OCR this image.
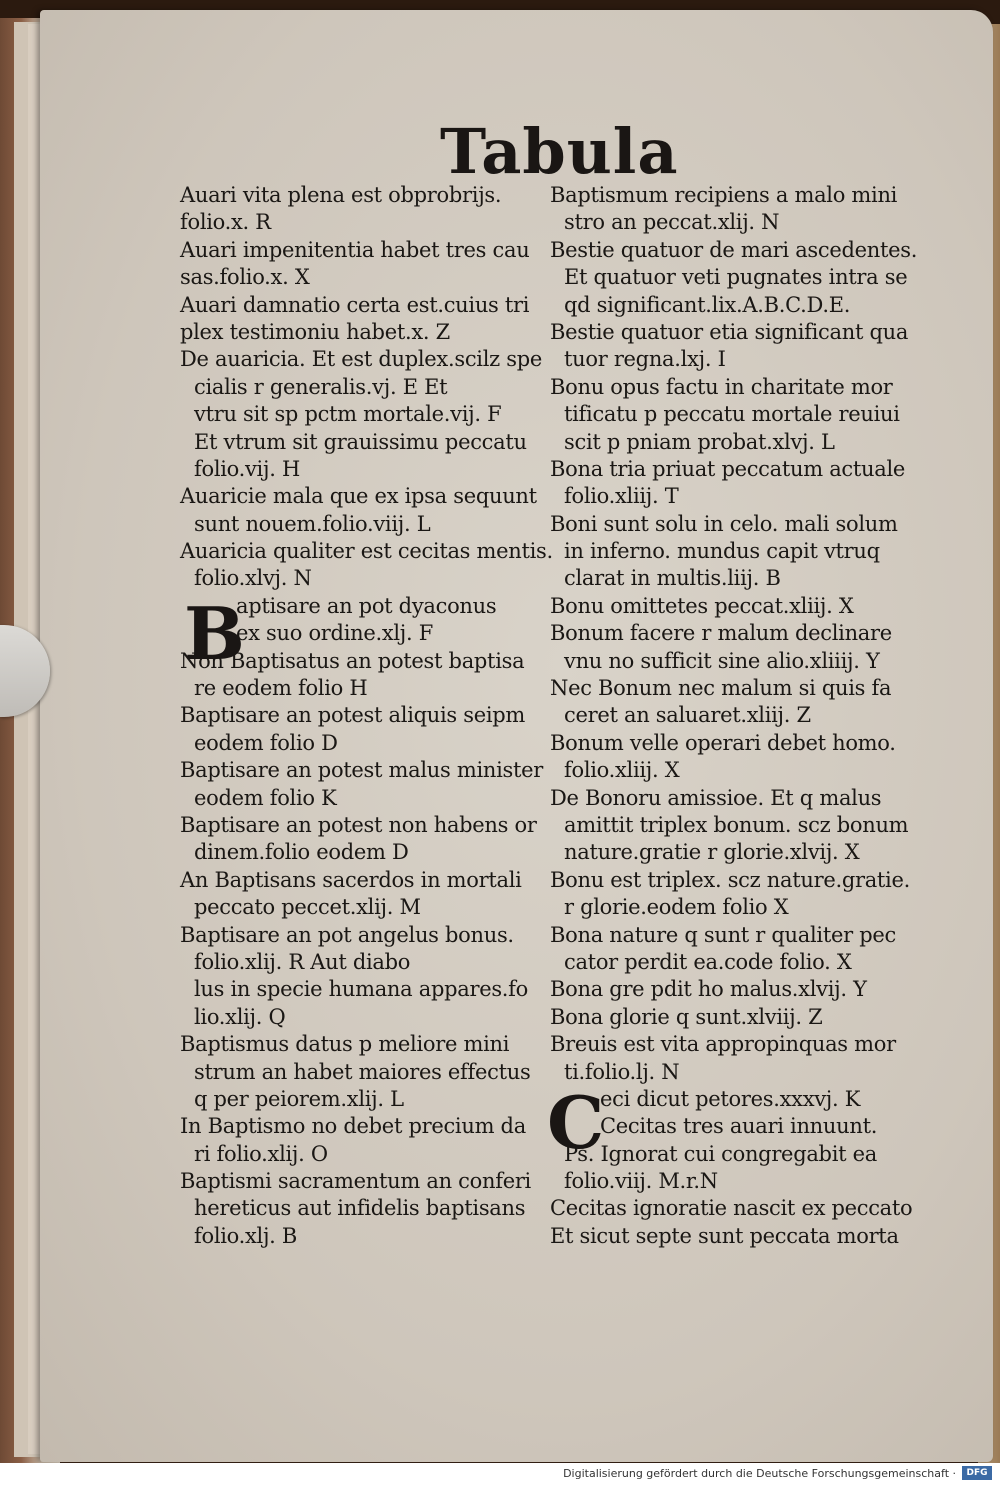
Tabula
B
C
Auari vita plena est obprobrijs.
folio.x. R
Auari impenitentia habet tres cau
sas.folio.x. X
Auari damnatio certa est.cuius tri
plex testimoniu habet.x. Z
De auaricia. Et est duplex.scilz spe
cialis r generalis.vj. E Et
vtru sit sp pctm mortale.vij. F
Et vtrum sit grauissimu peccatu
folio.vij. H
Auaricie mala que ex ipsa sequunt
sunt nouem.folio.viij. L
Auaricia qualiter est cecitas mentis.
folio.xlvj. N
aptisare an pot dyaconus
ex suo ordine.xlj. F
Non Baptisatus an potest baptisa
re eodem folio H
Baptisare an potest aliquis seipm
eodem folio D
Baptisare an potest malus minister
eodem folio K
Baptisare an potest non habens or
dinem.folio eodem D
An Baptisans sacerdos in mortali
peccato peccet.xlij. M
Baptisare an pot angelus bonus.
folio.xlij. R Aut diabo
lus in specie humana appares.fo
lio.xlij. Q
Baptismus datus p meliore mini
strum an habet maiores effectus
q per peiorem.xlij. L
In Baptismo no debet precium da
ri folio.xlij. O
Baptismi sacramentum an conferi
hereticus aut infidelis baptisans
folio.xlj. B
Baptismum recipiens a malo mini
stro an peccat.xlij. N
Bestie quatuor de mari ascedentes.
Et quatuor veti pugnates intra se
qd significant.lix.A.B.C.D.E.
Bestie quatuor etia significant qua
tuor regna.lxj. I
Bonu opus factu in charitate mor
tificatu p peccatu mortale reuiui
scit p pniam probat.xlvj. L
Bona tria priuat peccatum actuale
folio.xliij. T
Boni sunt solu in celo. mali solum
in inferno. mundus capit vtruq
clarat in multis.liij. B
Bonu omittetes peccat.xliij. X
Bonum facere r malum declinare
vnu no sufficit sine alio.xliiij. Y
Nec Bonum nec malum si quis fa
ceret an saluaret.xliij. Z
Bonum velle operari debet homo.
folio.xliij. X
De Bonoru amissioe. Et q malus
amittit triplex bonum. scz bonum
nature.gratie r glorie.xlvij. X
Bonu est triplex. scz nature.gratie.
r glorie.eodem folio X
Bona nature q sunt r qualiter pec
cator perdit ea.code folio. X
Bona gre pdit ho malus.xlvij. Y
Bona glorie q sunt.xlviij. Z
Breuis est vita appropinquas mor
ti.folio.lj. N
eci dicut petores.xxxvj. K
Cecitas tres auari innuunt.
Ps. Ignorat cui congregabit ea
folio.viij. M.r.N
Cecitas ignoratie nascit ex peccato
Et sicut septe sunt peccata morta
Digitalisierung gefördert durch die Deutsche Forschungsgemeinschaft ·	DFG
